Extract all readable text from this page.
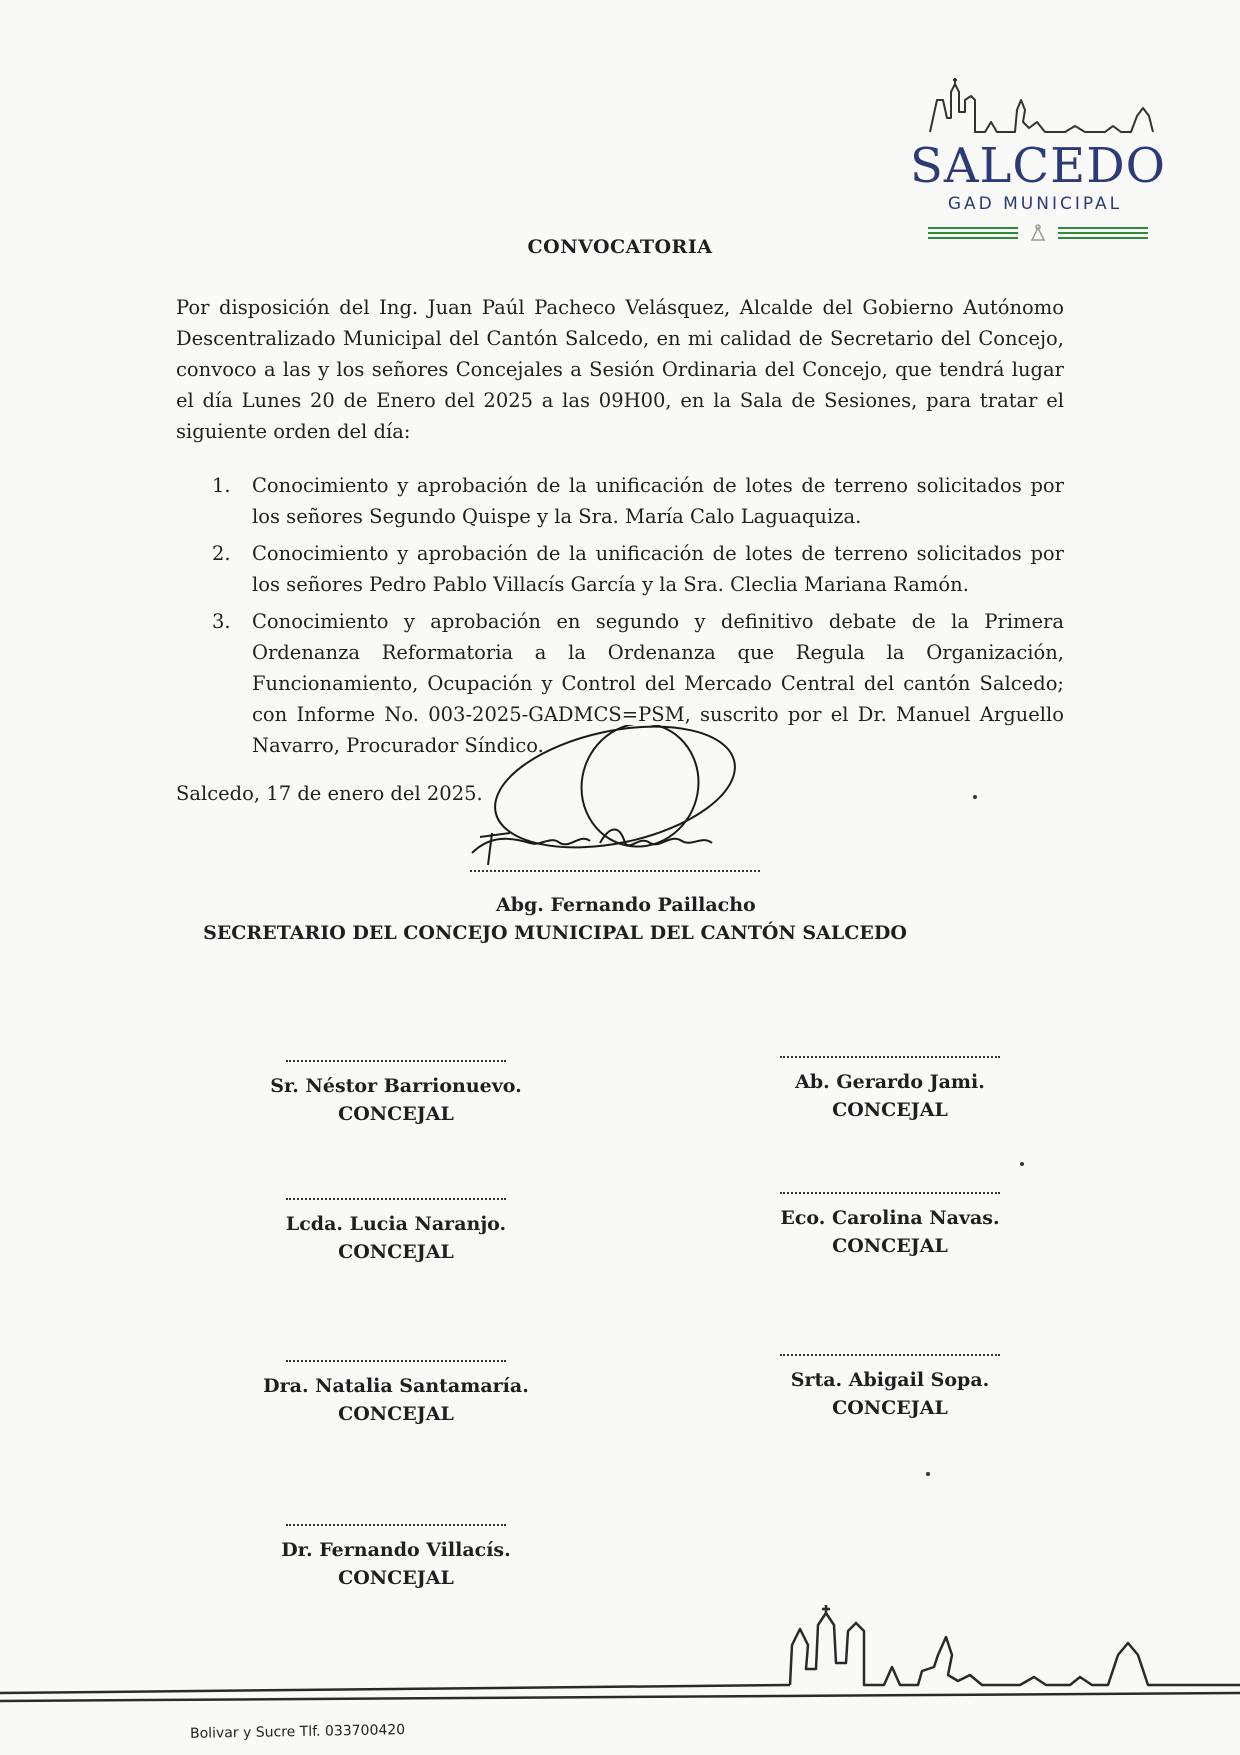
SALCEDO
GAD MUNICIPAL
CONVOCATORIA

Por disposición del Ing. Juan Paúl Pacheco Velásquez, Alcalde del Gobierno Autónomo Descentralizado Municipal del Cantón Salcedo, en mi calidad de Secretario del Concejo, convoco a las y los señores Concejales a Sesión Ordinaria del Concejo, que tendrá lugar el día Lunes 20 de Enero del 2025 a las 09H00, en la Sala de Sesiones, para tratar el siguiente orden del día:

1. Conocimiento y aprobación de la unificación de lotes de terreno solicitados por los señores Segundo Quispe y la Sra. María Calo Laguaquiza.
2. Conocimiento y aprobación de la unificación de lotes de terreno solicitados por los señores Pedro Pablo Villacís García y la Sra. Cleclia Mariana Ramón.
3. Conocimiento y aprobación en segundo y definitivo debate de la Primera Ordenanza Reformatoria a la Ordenanza que Regula la Organización, Funcionamiento, Ocupación y Control del Mercado Central del cantón Salcedo; con Informe No. 003-2025-GADMCS=PSM, suscrito por el Dr. Manuel Arguello Navarro, Procurador Síndico.
Salcedo, 17 de enero del 2025.
Abg. Fernando Paillacho
SECRETARIO DEL CONCEJO MUNICIPAL DEL CANTÓN SALCEDO
Sr. Néstor Barrionuevo.
CONCEJAL
Ab. Gerardo Jami.
CONCEJAL
Lcda. Lucia Naranjo.
CONCEJAL
Eco. Carolina Navas.
CONCEJAL
Dra. Natalia Santamaría.
CONCEJAL
Srta. Abigail Sopa.
CONCEJAL
Dr. Fernando Villacís.
CONCEJAL
Bolivar y Sucre Tlf. 033700420
